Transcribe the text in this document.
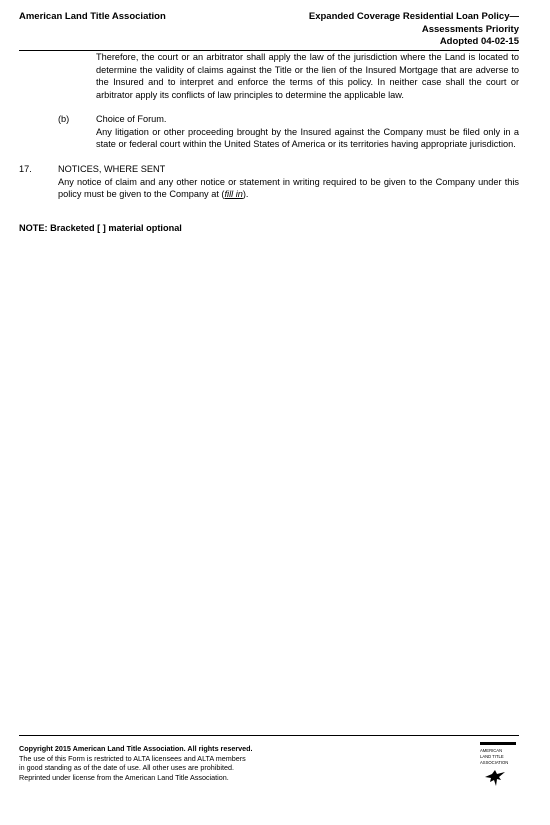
American Land Title Association	Expanded Coverage Residential Loan Policy—
Assessments Priority
Adopted 04-02-15
Therefore, the court or an arbitrator shall apply the law of the jurisdiction where the Land is located to determine the validity of claims against the Title or the lien of the Insured Mortgage that are adverse to the Insured and to interpret and enforce the terms of this policy. In neither case shall the court or arbitrator apply its conflicts of law principles to determine the applicable law.
(b)	Choice of Forum.
Any litigation or other proceeding brought by the Insured against the Company must be filed only in a state or federal court within the United States of America or its territories having appropriate jurisdiction.
17.	NOTICES, WHERE SENT
Any notice of claim and any other notice or statement in writing required to be given to the Company under this policy must be given to the Company at (fill in).
NOTE: Bracketed [ ] material optional
Copyright 2015 American Land Title Association. All rights reserved.
The use of this Form is restricted to ALTA licensees and ALTA members
in good standing as of the date of use. All other uses are prohibited.
Reprinted under license from the American Land Title Association.
AMERICAN
LAND TITLE
ASSOCIATION
